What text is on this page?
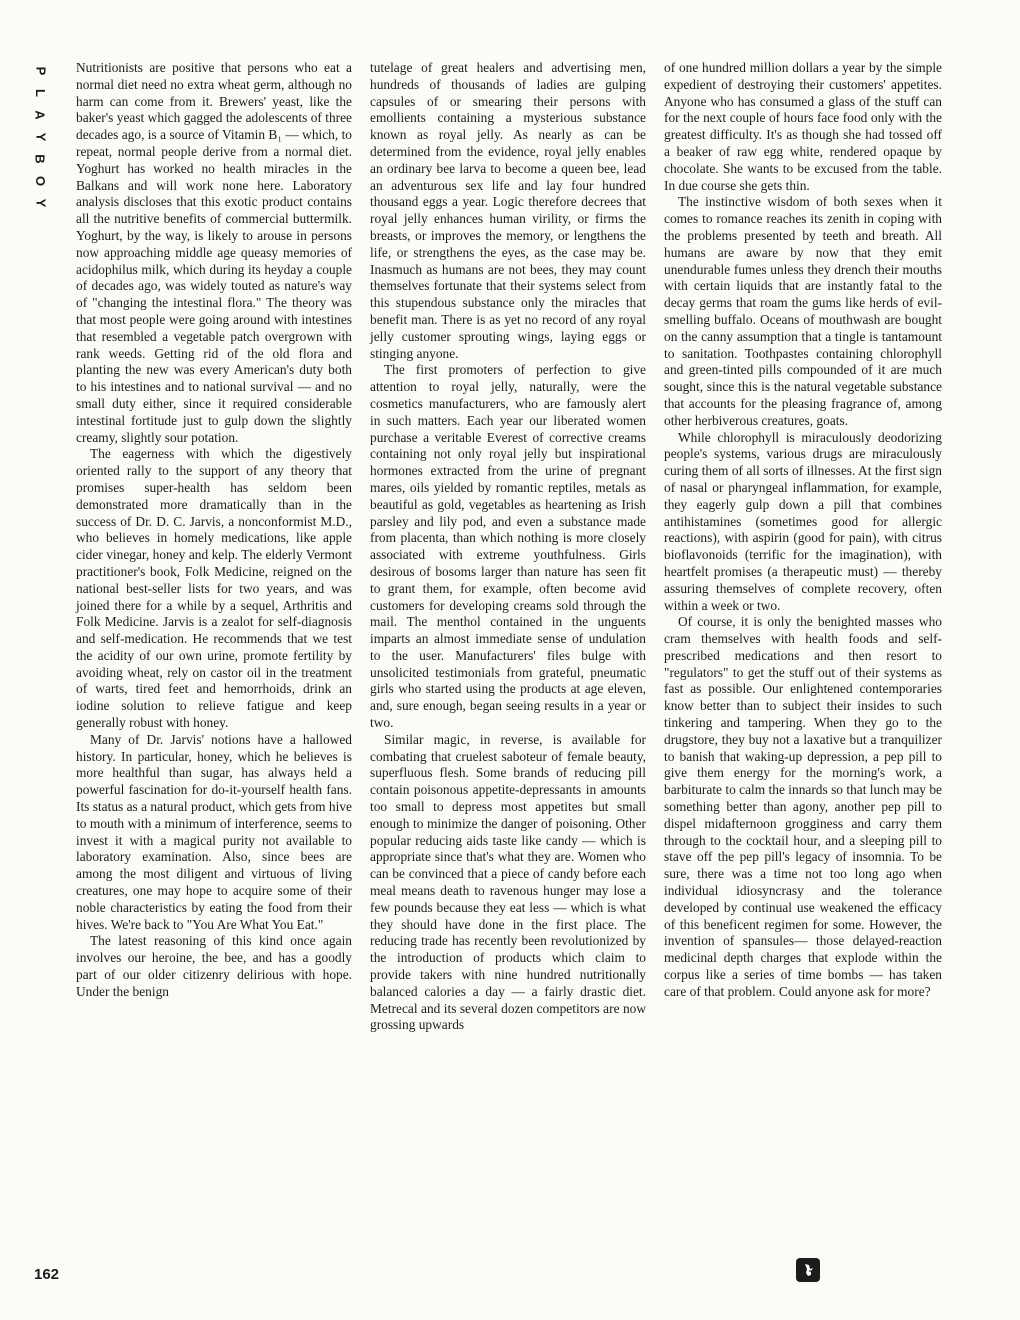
P
L
A
Y
B
O
Y

Nutritionists are positive that persons who eat a normal diet need no extra wheat germ, although no harm can come from it. Brewers' yeast, like the baker's yeast which gagged the adolescents of three decades ago, is a source of Vitamin B₁ — which, to repeat, normal people derive from a normal diet. Yoghurt has worked no health miracles in the Balkans and will work none here. Laboratory analysis discloses that this exotic product contains all the nutritive benefits of commercial buttermilk. Yoghurt, by the way, is likely to arouse in persons now approaching middle age queasy memories of acidophilus milk, which during its heyday a couple of decades ago, was widely touted as nature's way of "changing the intestinal flora." The theory was that most people were going around with intestines that resembled a vegetable patch overgrown with rank weeds. Getting rid of the old flora and planting the new was every American's duty both to his intestines and to national survival — and no small duty either, since it required considerable intestinal fortitude just to gulp down the slightly creamy, slightly sour potation.

The eagerness with which the digestively oriented rally to the support of any theory that promises super-health has seldom been demonstrated more dramatically than in the success of Dr. D. C. Jarvis, a nonconformist M.D., who believes in homely medications, like apple cider vinegar, honey and kelp. The elderly Vermont practitioner's book, Folk Medicine, reigned on the national best-seller lists for two years, and was joined there for a while by a sequel, Arthritis and Folk Medicine. Jarvis is a zealot for self-diagnosis and self-medication. He recommends that we test the acidity of our own urine, promote fertility by avoiding wheat, rely on castor oil in the treatment of warts, tired feet and hemorrhoids, drink an iodine solution to relieve fatigue and keep generally robust with honey.

Many of Dr. Jarvis' notions have a hallowed history. In particular, honey, which he believes is more healthful than sugar, has always held a powerful fascination for do-it-yourself health fans. Its status as a natural product, which gets from hive to mouth with a minimum of interference, seems to invest it with a magical purity not available to laboratory examination. Also, since bees are among the most diligent and virtuous of living creatures, one may hope to acquire some of their noble characteristics by eating the food from their hives. We're back to "You Are What You Eat."

The latest reasoning of this kind once again involves our heroine, the bee, and has a goodly part of our older citizenry delirious with hope. Under the benign

tutelage of great healers and advertising men, hundreds of thousands of ladies are gulping capsules of or smearing their persons with emollients containing a mysterious substance known as royal jelly. As nearly as can be determined from the evidence, royal jelly enables an ordinary bee larva to become a queen bee, lead an adventurous sex life and lay four hundred thousand eggs a year. Logic therefore decrees that royal jelly enhances human virility, or firms the breasts, or improves the memory, or lengthens the life, or strengthens the eyes, as the case may be. Inasmuch as humans are not bees, they may count themselves fortunate that their systems select from this stupendous substance only the miracles that benefit man. There is as yet no record of any royal jelly customer sprouting wings, laying eggs or stinging anyone.

The first promoters of perfection to give attention to royal jelly, naturally, were the cosmetics manufacturers, who are famously alert in such matters. Each year our liberated women purchase a veritable Everest of corrective creams containing not only royal jelly but inspirational hormones extracted from the urine of pregnant mares, oils yielded by romantic reptiles, metals as beautiful as gold, vegetables as heartening as Irish parsley and lily pod, and even a substance made from placenta, than which nothing is more closely associated with extreme youthfulness. Girls desirous of bosoms larger than nature has seen fit to grant them, for example, often become avid customers for developing creams sold through the mail. The menthol contained in the unguents imparts an almost immediate sense of undulation to the user. Manufacturers' files bulge with unsolicited testimonials from grateful, pneumatic girls who started using the products at age eleven, and, sure enough, began seeing results in a year or two.

Similar magic, in reverse, is available for combating that cruelest saboteur of female beauty, superfluous flesh. Some brands of reducing pill contain poisonous appetite-depressants in amounts too small to depress most appetites but small enough to minimize the danger of poisoning. Other popular reducing aids taste like candy — which is appropriate since that's what they are. Women who can be convinced that a piece of candy before each meal means death to ravenous hunger may lose a few pounds because they eat less — which is what they should have done in the first place. The reducing trade has recently been revolutionized by the introduction of products which claim to provide takers with nine hundred nutritionally balanced calories a day — a fairly drastic diet. Metrecal and its several dozen competitors are now grossing upwards

of one hundred million dollars a year by the simple expedient of destroying their customers' appetites. Anyone who has consumed a glass of the stuff can for the next couple of hours face food only with the greatest difficulty. It's as though she had tossed off a beaker of raw egg white, rendered opaque by chocolate. She wants to be excused from the table. In due course she gets thin.

The instinctive wisdom of both sexes when it comes to romance reaches its zenith in coping with the problems presented by teeth and breath. All humans are aware by now that they emit unendurable fumes unless they drench their mouths with certain liquids that are instantly fatal to the decay germs that roam the gums like herds of evil-smelling buffalo. Oceans of mouthwash are bought on the canny assumption that a tingle is tantamount to sanitation. Toothpastes containing chlorophyll and green-tinted pills compounded of it are much sought, since this is the natural vegetable substance that accounts for the pleasing fragrance of, among other herbiverous creatures, goats.

While chlorophyll is miraculously deodorizing people's systems, various drugs are miraculously curing them of all sorts of illnesses. At the first sign of nasal or pharyngeal inflammation, for example, they eagerly gulp down a pill that combines antihistamines (sometimes good for allergic reactions), with aspirin (good for pain), with citrus bioflavonoids (terrific for the imagination), with heartfelt promises (a therapeutic must) — thereby assuring themselves of complete recovery, often within a week or two.

Of course, it is only the benighted masses who cram themselves with health foods and self-prescribed medications and then resort to "regulators" to get the stuff out of their systems as fast as possible. Our enlightened contemporaries know better than to subject their insides to such tinkering and tampering. When they go to the drugstore, they buy not a laxative but a tranquilizer to banish that waking-up depression, a pep pill to give them energy for the morning's work, a barbiturate to calm the innards so that lunch may be something better than agony, another pep pill to dispel midafternoon grogginess and carry them through to the cocktail hour, and a sleeping pill to stave off the pep pill's legacy of insomnia. To be sure, there was a time not too long ago when individual idiosyncrasy and the tolerance developed by continual use weakened the efficacy of this beneficent regimen for some. However, the invention of spansules— those delayed-reaction medicinal depth charges that explode within the corpus like a series of time bombs — has taken care of that problem. Could anyone ask for more?

162
